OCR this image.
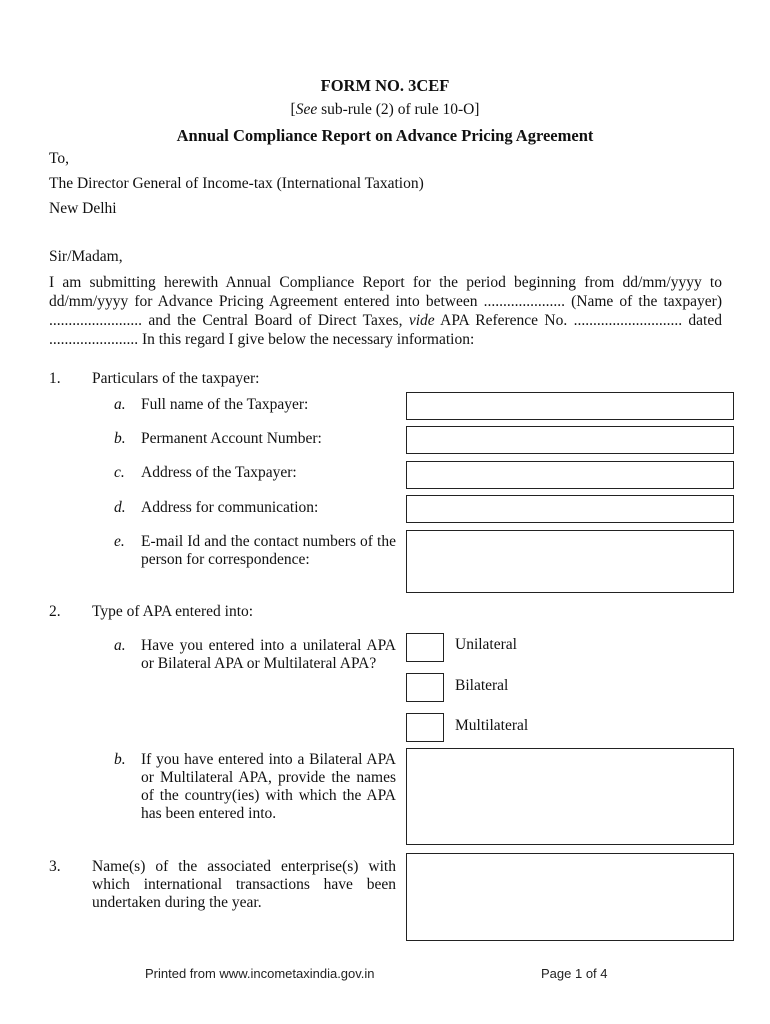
FORM NO. 3CEF
[See sub-rule (2) of rule 10-O]
Annual Compliance Report on Advance Pricing Agreement
To,
The Director General of Income-tax (International Taxation)
New Delhi
Sir/Madam,
I am submitting herewith Annual Compliance Report for the period beginning from dd/mm/yyyy to dd/mm/yyyy for Advance Pricing Agreement entered into between ..................... (Name of the taxpayer) ........................ and the Central Board of Direct Taxes, vide APA Reference No. ............................ dated ....................... In this regard I give below the necessary information:
1. Particulars of the taxpayer:
a. Full name of the Taxpayer:
b. Permanent Account Number:
c. Address of the Taxpayer:
d. Address for communication:
e. E-mail Id and the contact numbers of the person for correspondence:
2. Type of APA entered into:
a. Have you entered into a unilateral APA or Bilateral APA or Multilateral APA?
Unilateral
Bilateral
Multilateral
b. If you have entered into a Bilateral APA or Multilateral APA, provide the names of the country(ies) with which the APA has been entered into.
3. Name(s) of the associated enterprise(s) with which international transactions have been undertaken during the year.
Printed from www.incometaxindia.gov.in	Page 1 of 4
